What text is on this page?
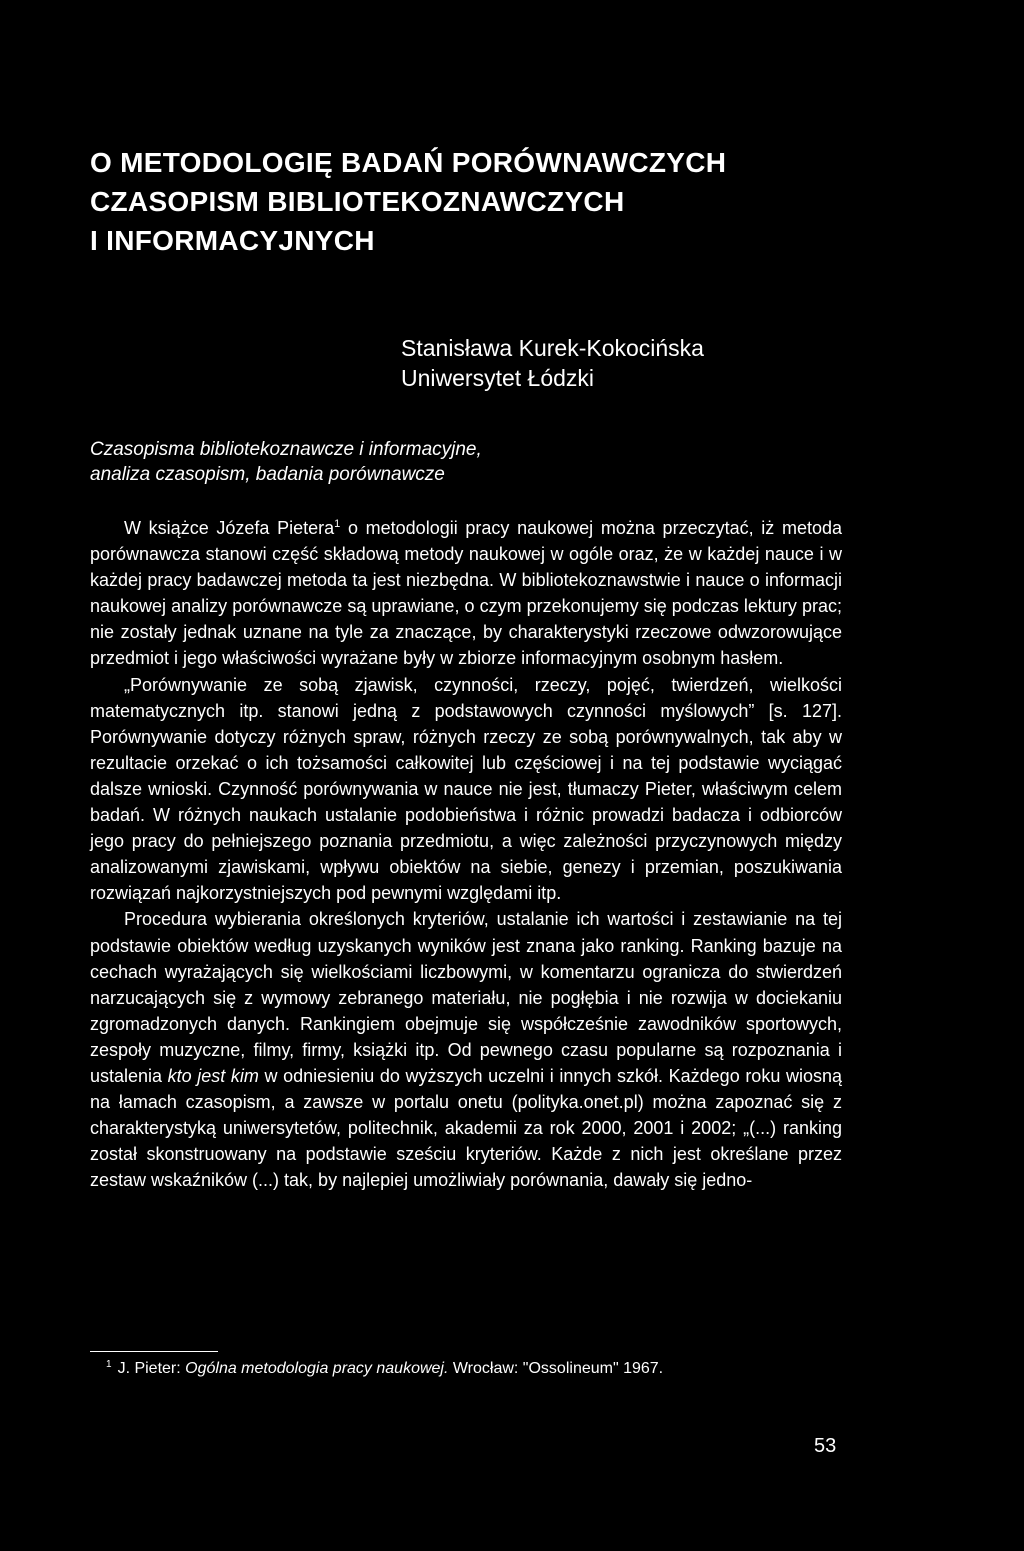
O METODOLOGIĘ BADAŃ PORÓWNAWCZYCH
CZASOPISM BIBLIOTEKOZNAWCZYCH
I INFORMACYJNYCH
Stanisława Kurek-Kokocińska
Uniwersytet Łódzki
Czasopisma bibliotekoznawcze i informacyjne,
analiza czasopism, badania porównawcze

W książce Józefa Pietera$^1$ o metodologii pracy naukowej można przeczytać, iż metoda porównawcza stanowi część składową metody naukowej w ogóle oraz, że w każdej nauce i w każdej pracy badawczej metoda ta jest niezbędna. W bibliotekoznawstwie i nauce o informacji naukowej analizy porównawcze są uprawiane, o czym przekonujemy się podczas lektury prac; nie zostały jednak uznane na tyle za znaczące, by charakterystyki rzeczowe odwzorowujące przedmiot i jego właściwości wyrażane były w zbiorze informacyjnym osobnym hasłem.

„Porównywanie ze sobą zjawisk, czynności, rzeczy, pojęć, twierdzeń, wielkości matematycznych itp. stanowi jedną z podstawowych czynności myślowych” [s. 127]. Porównywanie dotyczy różnych spraw, różnych rzeczy ze sobą porównywalnych, tak aby w rezultacie orzekać o ich tożsamości całkowitej lub częściowej i na tej podstawie wyciągać dalsze wnioski. Czynność porównywania w nauce nie jest, tłumaczy Pieter, właściwym celem badań. W różnych naukach ustalanie podobieństwa i różnic prowadzi badacza i odbiorców jego pracy do pełniejszego poznania przedmiotu, a więc zależności przyczynowych między analizowanymi zjawiskami, wpływu obiektów na siebie, genezy i przemian, poszukiwania rozwiązań najkorzystniejszych pod pewnymi względami itp.

Procedura wybierania określonych kryteriów, ustalanie ich wartości i zestawianie na tej podstawie obiektów według uzyskanych wyników jest znana jako ranking. Ranking bazuje na cechach wyrażających się wielkościami liczbowymi, w komentarzu ogranicza do stwierdzeń narzucających się z wymowy zebranego materiału, nie pogłębia i nie rozwija w dociekaniu zgromadzonych danych. Rankingiem obejmuje się współcześnie zawodników sportowych, zespoły muzyczne, filmy, firmy, książki itp. Od pewnego czasu popularne są rozpoznania i ustalenia kto jest kim w odniesieniu do wyższych uczelni i innych szkół. Każdego roku wiosną na łamach czasopism, a zawsze w portalu onetu (polityka.onet.pl) można zapoznać się z charakterystyką uniwersytetów, politechnik, akademii za rok 2000, 2001 i 2002; „(...) ranking został skonstruowany na podstawie sześciu kryteriów. Każde z nich jest określane przez zestaw wskaźników (...) tak, by najlepiej umożliwiały porównania, dawały się jedno-

$^1$ J. Pieter: Ogólna metodologia pracy naukowej. Wrocław: "Ossolineum" 1967.
53
